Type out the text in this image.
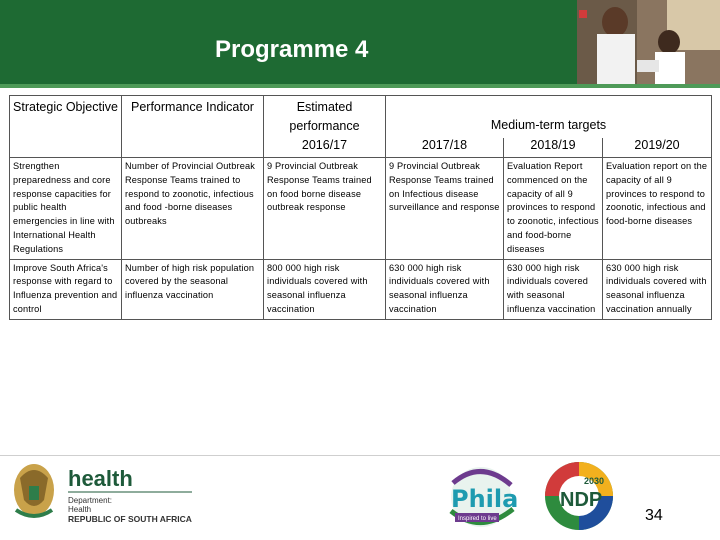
Programme 4
Strategic Objective	Performance Indicator	Estimated performance 2016/17	Medium-term targets		
			2017/18	2018/19	2019/20
Strengthen preparedness and core response capacities for public health emergencies in line with International Health Regulations	Number of Provincial Outbreak Response Teams trained to respond to zoonotic, infectious and food -borne diseases outbreaks	9 Provincial Outbreak Response Teams trained on food borne disease outbreak response	9 Provincial Outbreak Response Teams trained on Infectious disease surveillance and response	Evaluation Report commenced on the capacity of all 9 provinces to respond to zoonotic, infectious and food-borne diseases	Evaluation report on the capacity of all 9 provinces to respond to zoonotic, infectious and food-borne diseases
Improve South Africa's response with regard to Influenza prevention and control	Number of high risk population covered by the seasonal influenza vaccination	800 000 high risk individuals covered with seasonal influenza vaccination	630 000 high risk individuals covered with seasonal influenza vaccination	630 000 high risk individuals covered with seasonal influenza vaccination	630 000 high risk individuals covered with seasonal influenza vaccination annually
health
Department:
Health
REPUBLIC OF SOUTH AFRICA
Phila
Inspired to live
2030
NDP
34
